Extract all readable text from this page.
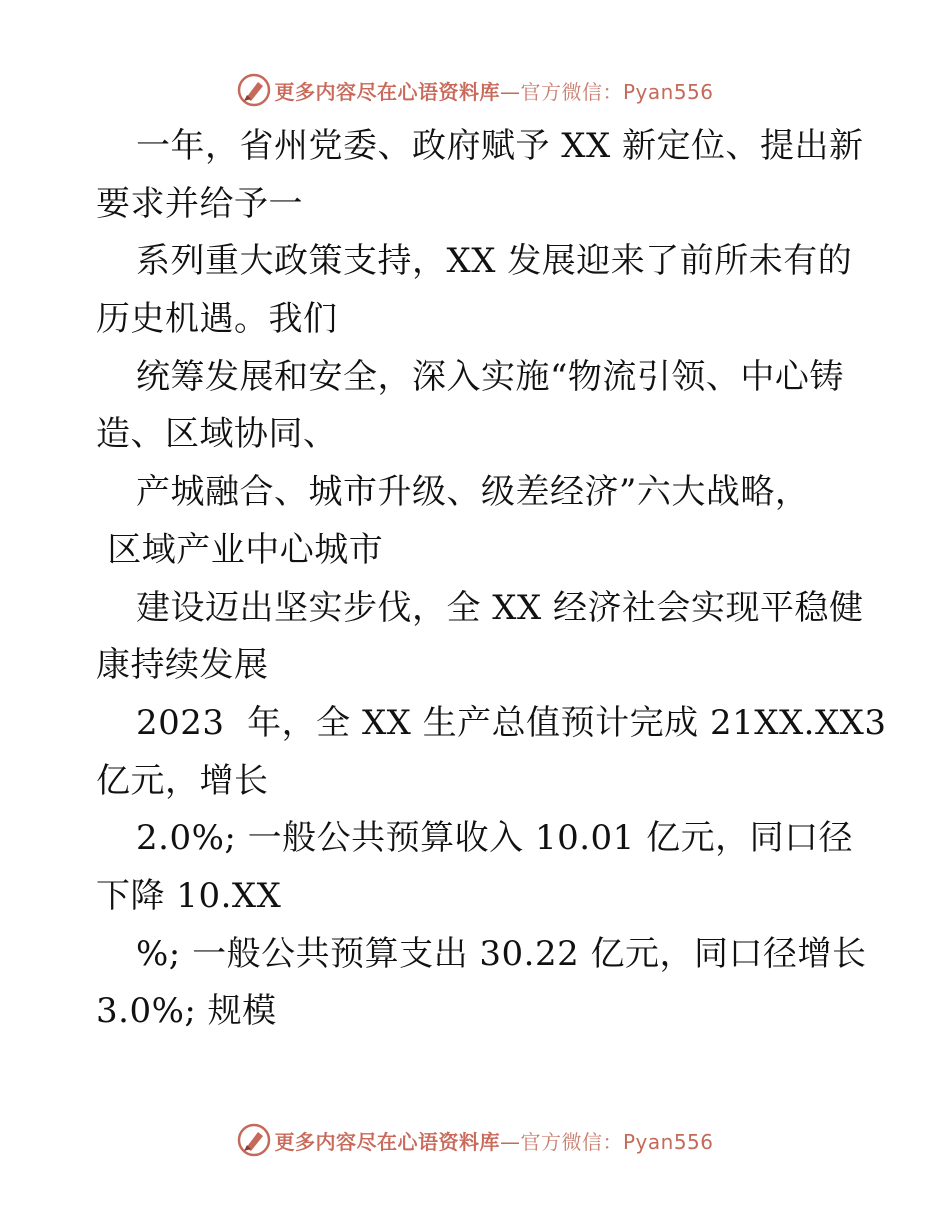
更多内容尽在心语资料库—官方微信：Pyan556
一年，省州党委、政府赋予 XX 新定位、提出新
要求并给予一
系列重大政策支持，XX 发展迎来了前所未有的
历史机遇。我们
统筹发展和安全，深入实施“物流引领、中心铸
造、区域协同、
产城融合、城市升级、级差经济”六大战略，
区域产业中心城市
建设迈出坚实步伐，全 XX 经济社会实现平稳健
康持续发展
2023  年，全 XX 生产总值预计完成 21XX.XX3
亿元，增长
2.0%; 一般公共预算收入 10.01 亿元，同口径
下降 10.XX
%; 一般公共预算支出 30.22 亿元，同口径增长
3.0%; 规模
更多内容尽在心语资料库—官方微信：Pyan556
